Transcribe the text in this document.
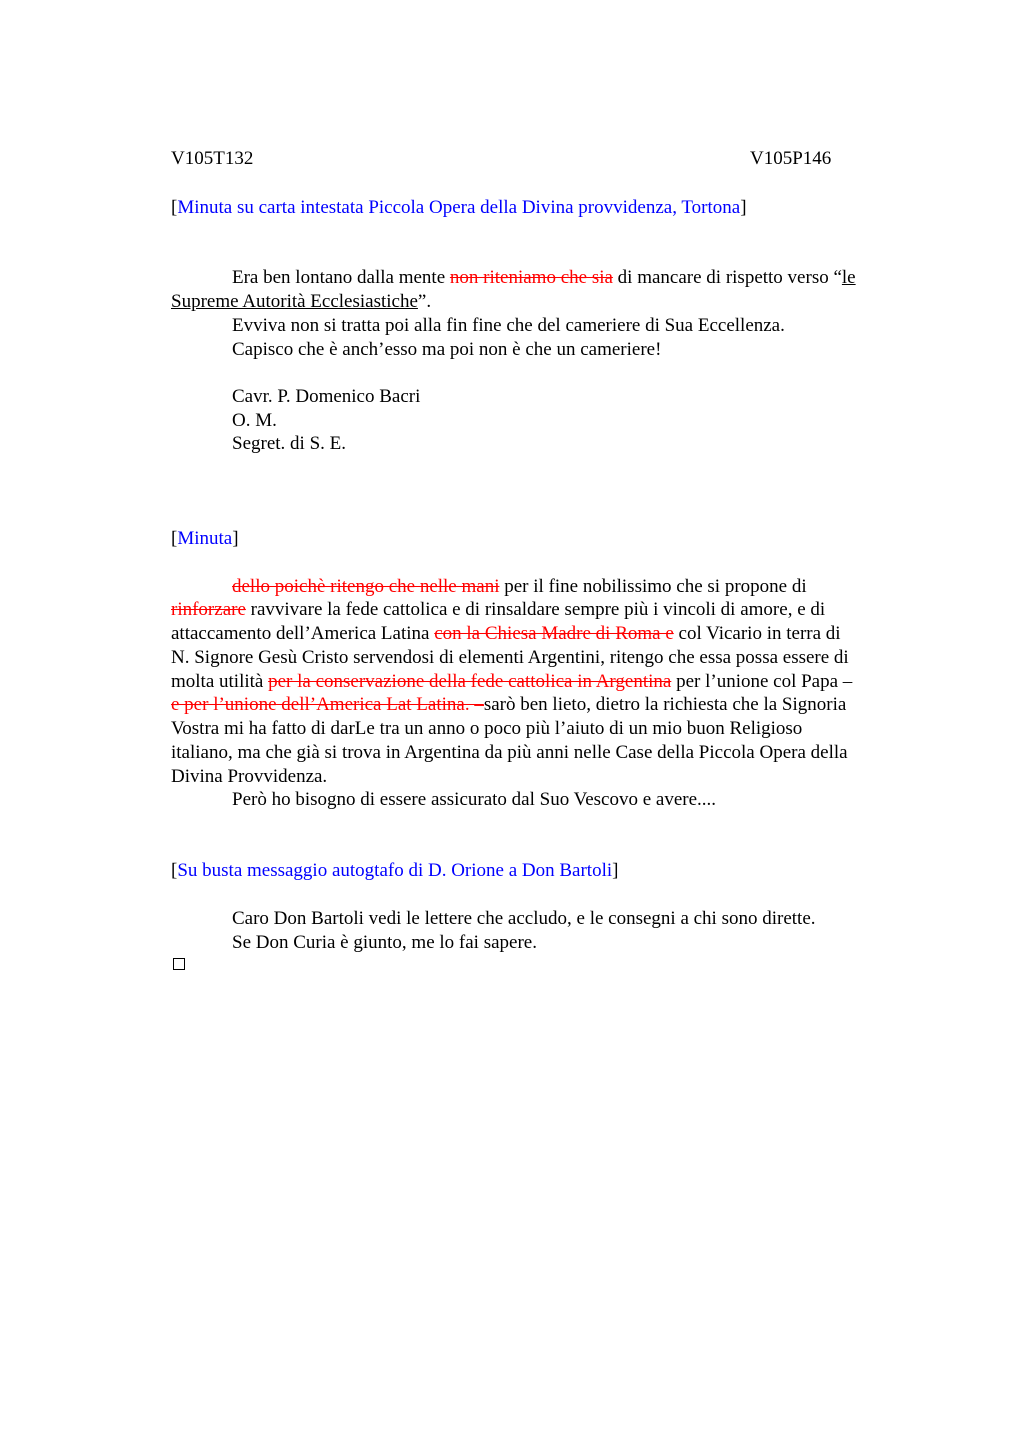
V105T132	V105P146
[Minuta su carta intestata Piccola Opera della Divina provvidenza, Tortona]
Era ben lontano dalla mente non riteniamo che sia di mancare di rispetto verso “le
Supreme Autorità Ecclesiastiche”.
Evviva non si tratta poi alla fin fine che del cameriere di Sua Eccellenza.
Capisco che è anch’esso ma poi non è che un cameriere!
Cavr. P. Domenico Bacri
O. M.
Segret. di S. E.
[Minuta]
dello poichè ritengo che nelle mani per il fine nobilissimo che si propone di
rinforzare ravvivare la fede cattolica e di rinsaldare sempre più i vincoli di amore, e di
attaccamento dell’America Latina con la Chiesa Madre di Roma e col Vicario in terra di
N. Signore Gesù Cristo servendosi di elementi Argentini, ritengo che essa possa essere di
molta utilità per la conservazione della fede cattolica in Argentina per l’unione col Papa –
e per l’unione dell’America Lat Latina. –sarò ben lieto, dietro la richiesta che la Signoria
Vostra mi ha fatto di darLe tra un anno o poco più l’aiuto di un mio buon Religioso
italiano, ma che già si trova in Argentina da più anni nelle Case della Piccola Opera della
Divina Provvidenza.
Però ho bisogno di essere assicurato dal Suo Vescovo e avere....
[Su busta messaggio autogtafo di D. Orione a Don Bartoli]
Caro Don Bartoli vedi le lettere che accludo, e le consegni a chi sono dirette.
Se Don Curia è giunto, me lo fai sapere.
